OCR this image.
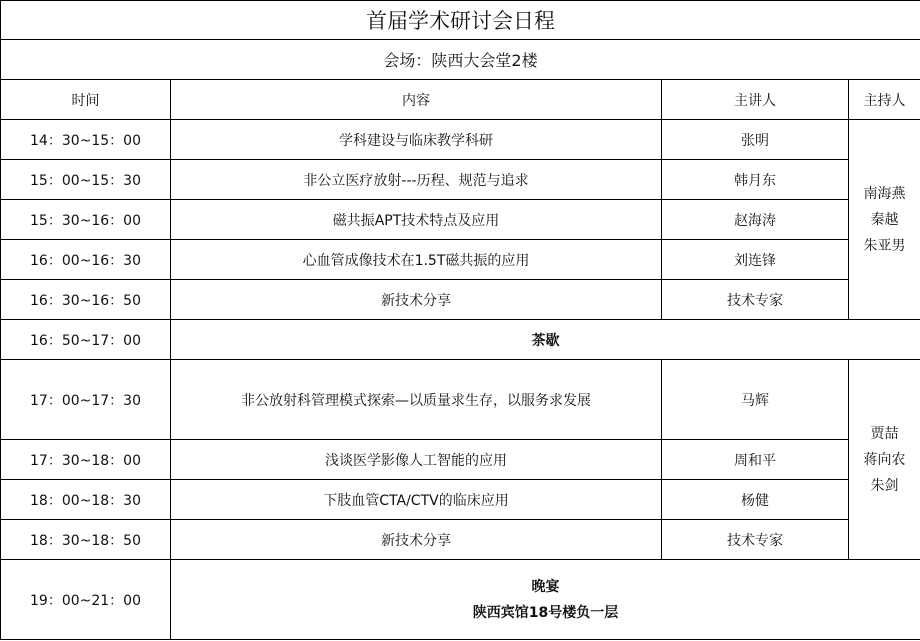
首届学术研讨会日程			
会场：陕西大会堂2楼			
时间	内容	主讲人	主持人
14：30~15：00	学科建设与临床教学科研	张明	南海燕
秦越
朱亚男

15：00~15：30	非公立医疗放射---历程、规范与追求	韩月东	
15：30~16：00	磁共振APT技术特点及应用	赵海涛	
16：00~16：30	心血管成像技术在1.5T磁共振的应用	刘连锋	
16：30~16：50	新技术分享	技术专家	
16：50~17：00	茶歇		
17：00~17：30	非公放射科管理模式探索—以质量求生存，以服务求发展	马辉	贾喆
蒋向农
朱剑

17：30~18：00	浅谈医学影像人工智能的应用	周和平	
18：00~18：30	下肢血管CTA/CTV的临床应用	杨健	
18：30~18：50	新技术分享	技术专家	
19：00~21：00	晚宴
陕西宾馆18号楼负一层		
